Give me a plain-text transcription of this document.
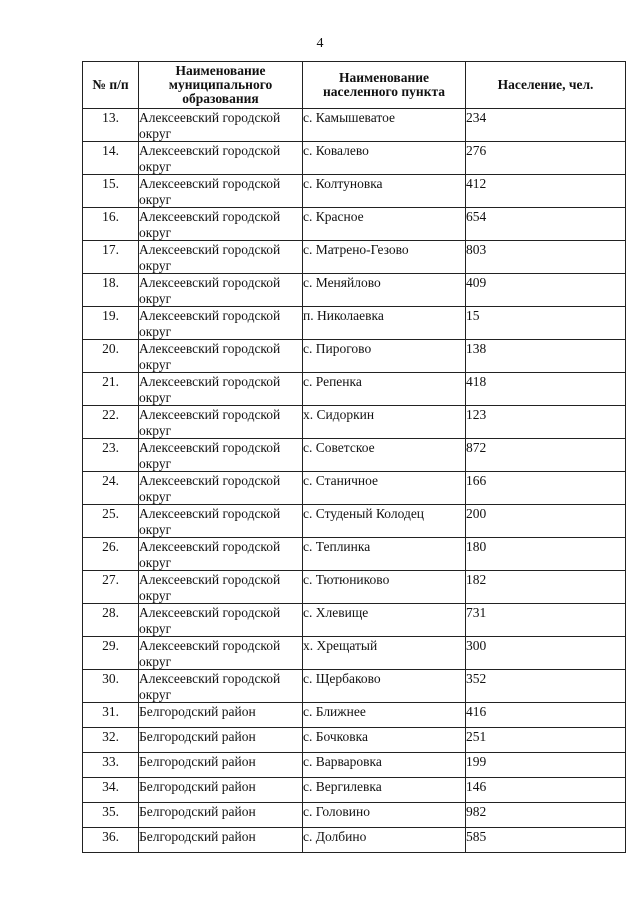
4
№ п/п	Наименование муниципального образования	Наименование населенного пункта	Население, чел.
13.	Алексеевский городской округ	с. Камышеватое	234
14.	Алексеевский городской округ	с. Ковалево	276
15.	Алексеевский городской округ	с. Колтуновка	412
16.	Алексеевский городской округ	с. Красное	654
17.	Алексеевский городской округ	с. Матрено-Гезово	803
18.	Алексеевский городской округ	с. Меняйлово	409
19.	Алексеевский городской округ	п. Николаевка	15
20.	Алексеевский городской округ	с. Пирогово	138
21.	Алексеевский городской округ	с. Репенка	418
22.	Алексеевский городской округ	х. Сидоркин	123
23.	Алексеевский городской округ	с. Советское	872
24.	Алексеевский городской округ	с. Станичное	166
25.	Алексеевский городской округ	с. Студеный Колодец	200
26.	Алексеевский городской округ	с. Теплинка	180
27.	Алексеевский городской округ	с. Тютюниково	182
28.	Алексеевский городской округ	с. Хлевище	731
29.	Алексеевский городской округ	х. Хрещатый	300
30.	Алексеевский городской округ	с. Щербаково	352
31.	Белгородский район	с. Ближнее	416
32.	Белгородский район	с. Бочковка	251
33.	Белгородский район	с. Варваровка	199
34.	Белгородский район	с. Вергилевка	146
35.	Белгородский район	с. Головино	982
36.	Белгородский район	с. Долбино	585
